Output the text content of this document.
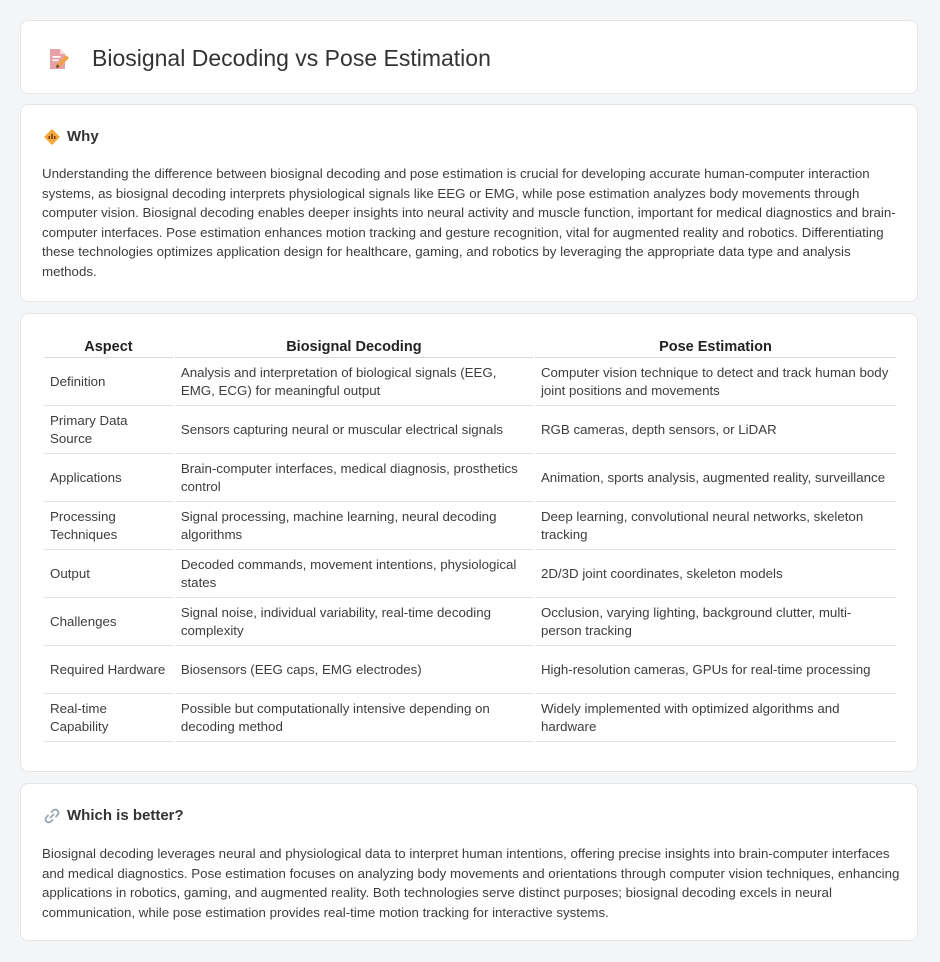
Biosignal Decoding vs Pose Estimation
Why

Understanding the difference between biosignal decoding and pose estimation is crucial for developing accurate human-computer interaction systems, as biosignal decoding interprets physiological signals like EEG or EMG, while pose estimation analyzes body movements through computer vision. Biosignal decoding enables deeper insights into neural activity and muscle function, important for medical diagnostics and brain-computer interfaces. Pose estimation enhances motion tracking and gesture recognition, vital for augmented reality and robotics. Differentiating these technologies optimizes application design for healthcare, gaming, and robotics by leveraging the appropriate data type and analysis methods.

Aspect	Biosignal Decoding	Pose Estimation
Definition	Analysis and interpretation of biological signals (EEG, EMG, ECG) for meaningful output	Computer vision technique to detect and track human body joint positions and movements
Primary Data Source	Sensors capturing neural or muscular electrical signals	RGB cameras, depth sensors, or LiDAR
Applications	Brain-computer interfaces, medical diagnosis, prosthetics control	Animation, sports analysis, augmented reality, surveillance
Processing Techniques	Signal processing, machine learning, neural decoding algorithms	Deep learning, convolutional neural networks, skeleton tracking
Output	Decoded commands, movement intentions, physiological states	2D/3D joint coordinates, skeleton models
Challenges	Signal noise, individual variability, real-time decoding complexity	Occlusion, varying lighting, background clutter, multi-person tracking
Required Hardware	Biosensors (EEG caps, EMG electrodes)	High-resolution cameras, GPUs for real-time processing
Real-time Capability	Possible but computationally intensive depending on decoding method	Widely implemented with optimized algorithms and hardware
Which is better?

Biosignal decoding leverages neural and physiological data to interpret human intentions, offering precise insights into brain-computer interfaces and medical diagnostics. Pose estimation focuses on analyzing body movements and orientations through computer vision techniques, enhancing applications in robotics, gaming, and augmented reality. Both technologies serve distinct purposes; biosignal decoding excels in neural communication, while pose estimation provides real-time motion tracking for interactive systems.
